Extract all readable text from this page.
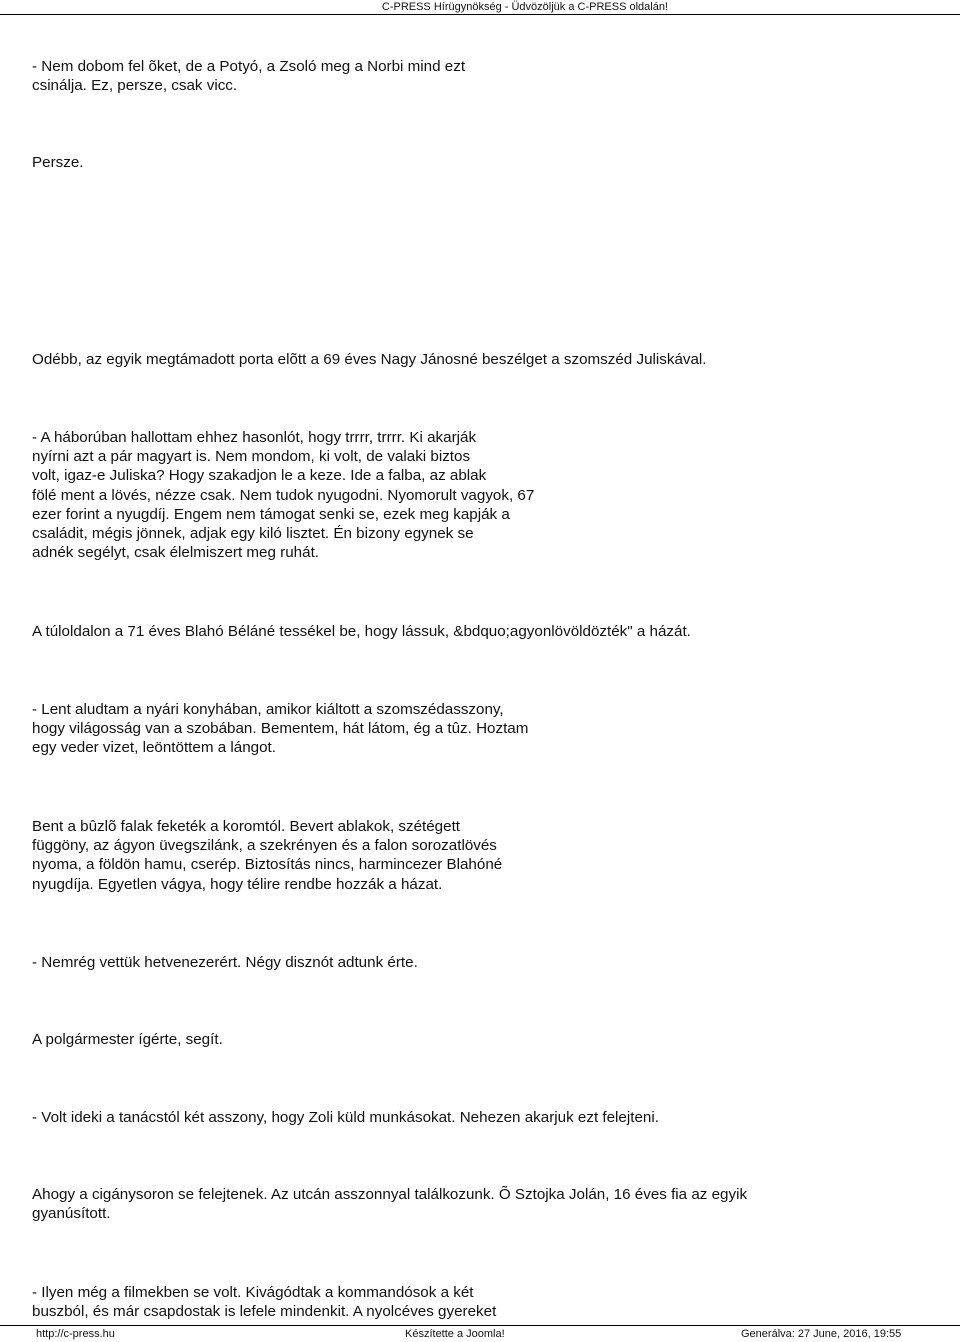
C-PRESS Hírügynökség - Üdvözöljük a C-PRESS oldalán!

- Nem dobom fel õket, de a Potyó, a Zsoló meg a Norbi mind ezt
csinálja. Ez, persze, csak vicc.

Persze.

Odébb, az egyik megtámadott porta elõtt a 69 éves Nagy Jánosné beszélget a szomszéd Juliskával.

- A háborúban hallottam ehhez hasonlót, hogy trrrr, trrrr. Ki akarják
nyírni azt a pár magyart is. Nem mondom, ki volt, de valaki biztos
volt, igaz-e Juliska? Hogy szakadjon le a keze. Ide a falba, az ablak
fölé ment a lövés, nézze csak. Nem tudok nyugodni. Nyomorult vagyok, 67
ezer forint a nyugdíj. Engem nem támogat senki se, ezek meg kapják a
családit, mégis jönnek, adjak egy kiló lisztet. Én bizony egynek se
adnék segélyt, csak élelmiszert meg ruhát.

A túloldalon a 71 éves Blahó Béláné tessékel be, hogy lássuk, &bdquo;agyonlövöldözték" a házát.

- Lent aludtam a nyári konyhában, amikor kiáltott a szomszédasszony,
hogy világosság van a szobában. Bementem, hát látom, ég a tûz. Hoztam
egy veder vizet, leöntöttem a lángot.

Bent a bûzlõ falak feketék a koromtól. Bevert ablakok, szétégett
függöny, az ágyon üvegszilánk, a szekrényen és a falon sorozatlövés
nyoma, a földön hamu, cserép. Biztosítás nincs, harmincezer Blahóné
nyugdíja. Egyetlen vágya, hogy télire rendbe hozzák a házat.

- Nemrég vettük hetvenezerért. Négy disznót adtunk érte.

A polgármester ígérte, segít.

- Volt ideki a tanácstól két asszony, hogy Zoli küld munkásokat. Nehezen akarjuk ezt felejteni.

Ahogy a cigánysoron se felejtenek. Az utcán asszonnyal találkozunk. Õ Sztojka Jolán, 16 éves fia az egyik
gyanúsított.

- Ilyen még a filmekben se volt. Kivágódtak a kommandósok a két
buszból, és már csapdostak is lefele mindenkit. A nyolcéves gyereket

http://c-press.hu	Készítette a Joomla!	Generálva: 27 June, 2016, 19:55
